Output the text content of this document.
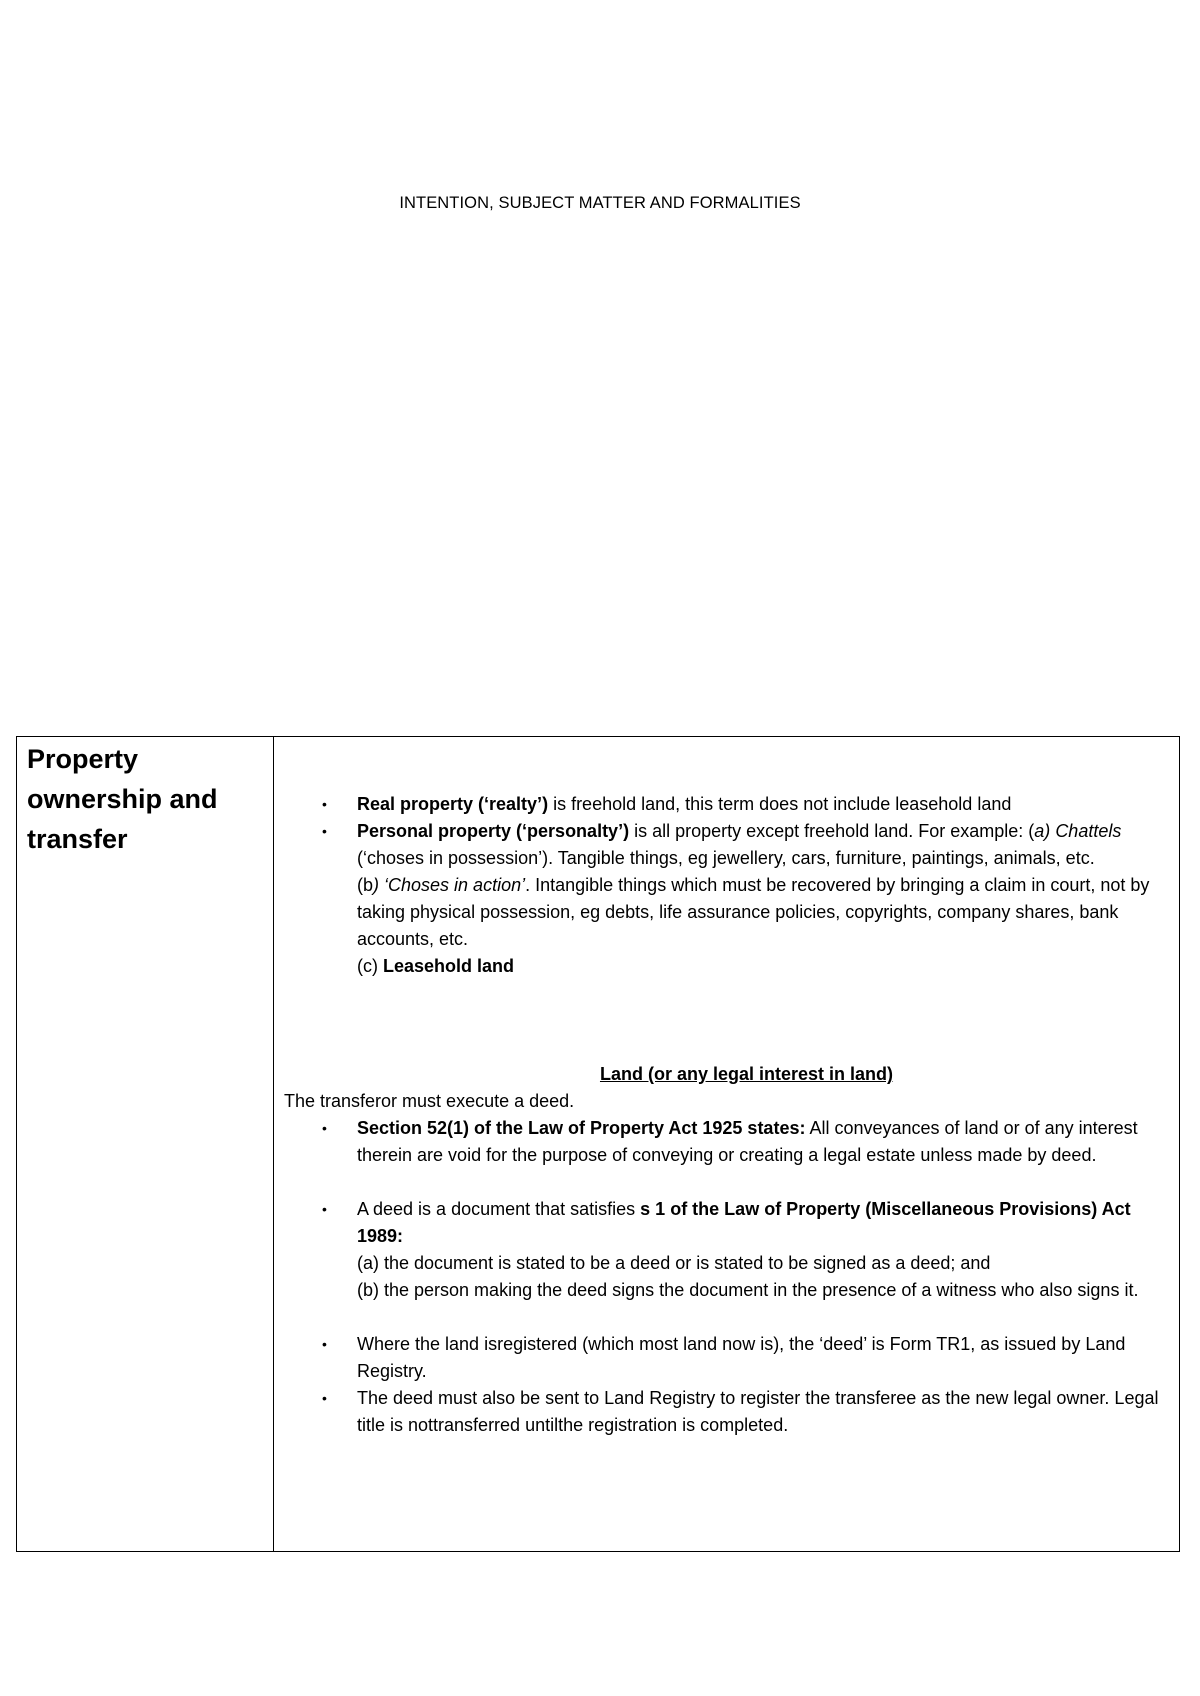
INTENTION, SUBJECT MATTER AND FORMALITIES
Property
ownership and
transfer

• Real property (‘realty’) is freehold land, this term does not include leasehold land
• Personal property (‘personalty’) is all property except freehold land. For example: (a) Chattels (‘choses in possession’). Tangible things, eg jewellery, cars, furniture, paintings, animals, etc.
(b) ‘Choses in action’. Intangible things which must be recovered by bringing a claim in court, not by taking physical possession, eg debts, life assurance policies, copyrights, company shares, bank accounts, etc.
(c) Leasehold land
Land (or any legal interest in land)

The transferor must execute a deed.

• Section 52(1) of the Law of Property Act 1925 states: All conveyances of land or of any interest therein are void for the purpose of conveying or creating a legal estate unless made by deed.
• A deed is a document that satisfies s 1 of the Law of Property (Miscellaneous Provisions) Act 1989:
(a) the document is stated to be a deed or is stated to be signed as a deed; and
(b) the person making the deed signs the document in the presence of a witness who also signs it.
• Where the land isregistered (which most land now is), the ‘deed’ is Form TR1, as issued by Land Registry.
• The deed must also be sent to Land Registry to register the transferee as the new legal owner. Legal title is nottransferred untilthe registration is completed.
